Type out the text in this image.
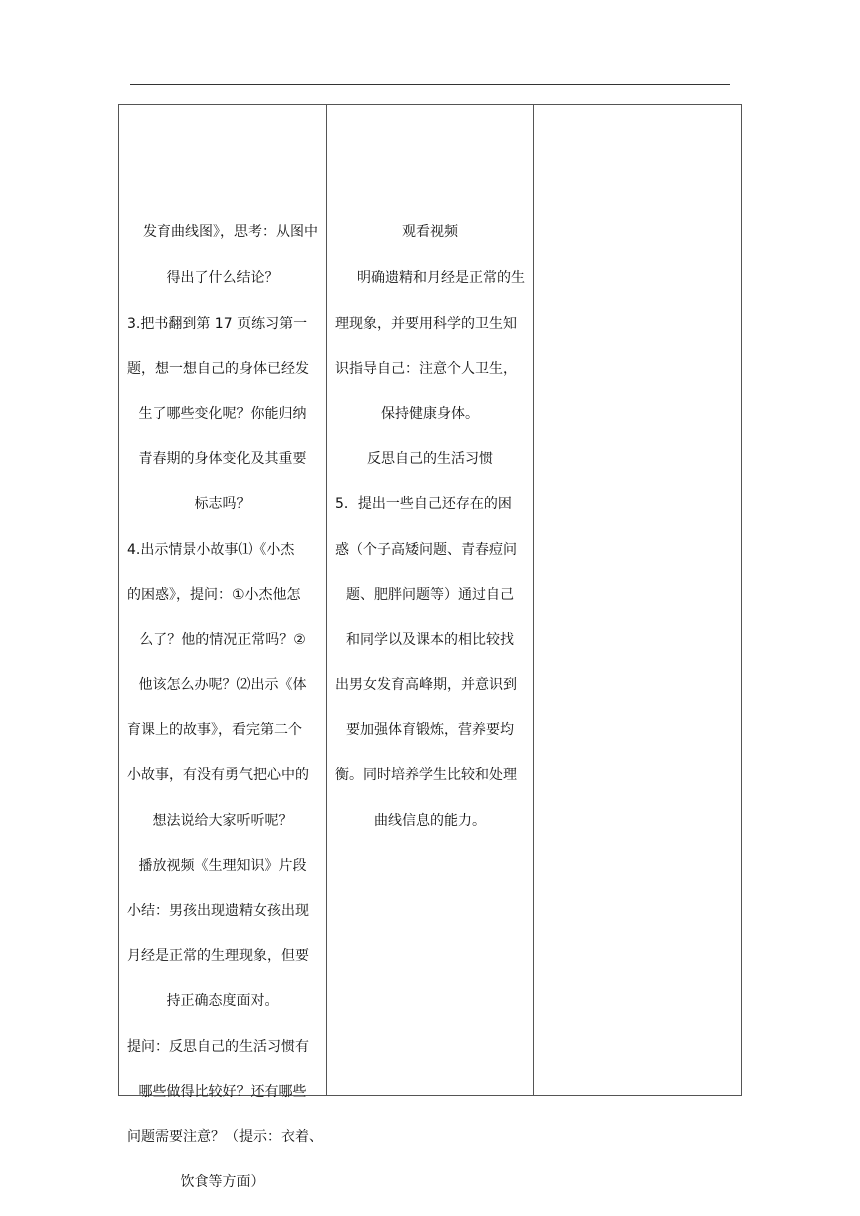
发育曲线图》，思考：从图中
得出了什么结论？
3.把书翻到第 17 页练习第一
题，想一想自己的身体已经发
生了哪些变化呢？你能归纳
青春期的身体变化及其重要
标志吗？
4.出示情景小故事⑴《小杰
的困惑》，提问：①小杰他怎
么了？他的情况正常吗？②
他该怎么办呢？⑵出示《体
育课上的故事》，看完第二个
小故事，有没有勇气把心中的
想法说给大家听听呢？
播放视频《生理知识》片段
小结：男孩出现遗精女孩出现
月经是正常的生理现象，但要
持正确态度面对。
提问：反思自己的生活习惯有
哪些做得比较好？还有哪些
问题需要注意？（提示：衣着、
饮食等方面）
观看视频
明确遗精和月经是正常的生
理现象，并要用科学的卫生知
识指导自己：注意个人卫生，
保持健康身体。
反思自己的生活习惯
5．提出一些自己还存在的困
惑（个子高矮问题、青春痘问
题、肥胖问题等）通过自己
和同学以及课本的相比较找
出男女发育高峰期，并意识到
要加强体育锻炼，营养要均
衡。同时培养学生比较和处理
曲线信息的能力。
